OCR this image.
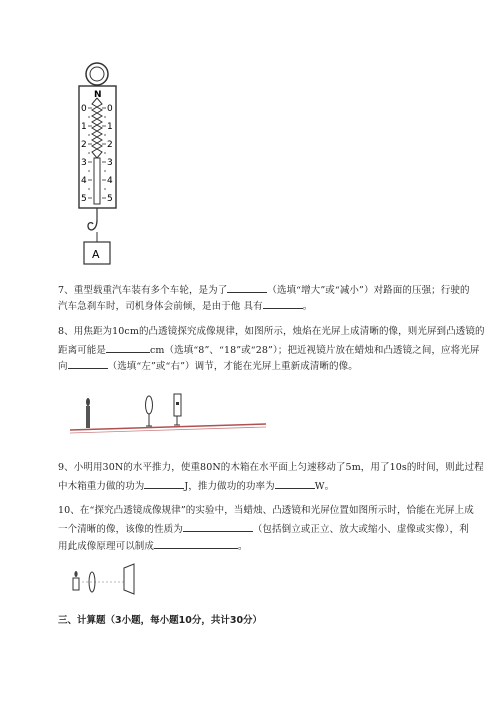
N
0
1
2
3
4
5
0
1
2
3
4
5
A
7、重型载重汽车装有多个车轮，是为了	（选填“增大”或“减小”）对路面的压强；行驶的
汽车急刹车时，司机身体会前倾，是由于他 具有	。
8、用焦距为10cm的凸透镜探究成像规律，如图所示，烛焰在光屏上成清晰的像，则光屏到凸透镜的
距离可能是	cm（选填“8”、“18”或“28”）；把近视镜片放在蜡烛和凸透镜之间，应将光屏
向	（选填“左”或“右”）调节，才能在光屏上重新成清晰的像。
9、小明用30N的水平推力，使重80N的木箱在水平面上匀速移动了5m，用了10s的时间，则此过程
中木箱重力做的功为	J，推力做功的功率为	W。
10、在“探究凸透镜成像规律”的实验中，当蜡烛、凸透镜和光屏位置如图所示时，恰能在光屏上成
一个清晰的像，该像的性质为	（包括倒立或正立、放大或缩小、虚像或实像），利
用此成像原理可以制成	。
三、计算题（3小题，每小题10分，共计30分）
